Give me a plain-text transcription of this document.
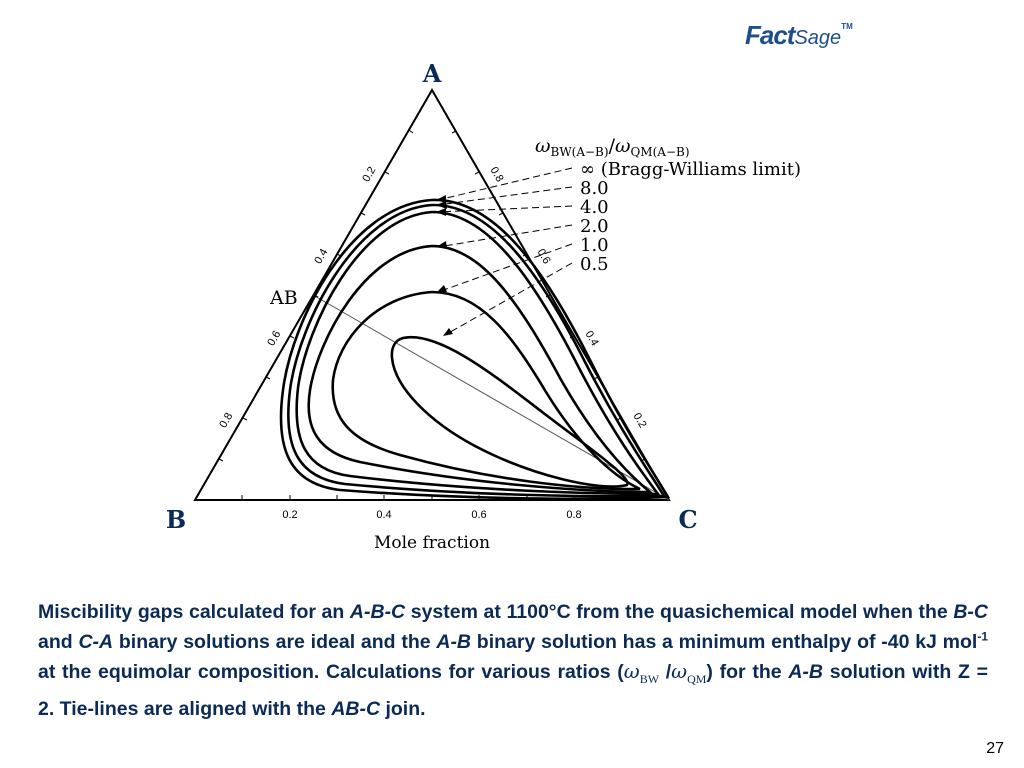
FactSage™
0.2	0.4	0.6	0.8
0.2
0.4
0.6
0.8
0.8
0.6
0.4
0.2
A
B	C
AB
Mole fraction
$\omega_{BW(A-B)}/\omega_{QM(A-B)}$
∞ (Bragg-Williams limit)
8.0
4.0
2.0
1.0
0.5

Miscibility gaps calculated for an A-B-C system at 1100°C from the quasichemical model when the B-C and C-A binary solutions are ideal and the A-B binary solution has a minimum enthalpy of -40 kJ mol$^{-1}$ at the equimolar composition. Calculations for various ratios ($\omega_{BW}$ $/\omega_{QM}$) for the A-B solution with Z = 2. Tie-lines are aligned with the AB-C join.

27
